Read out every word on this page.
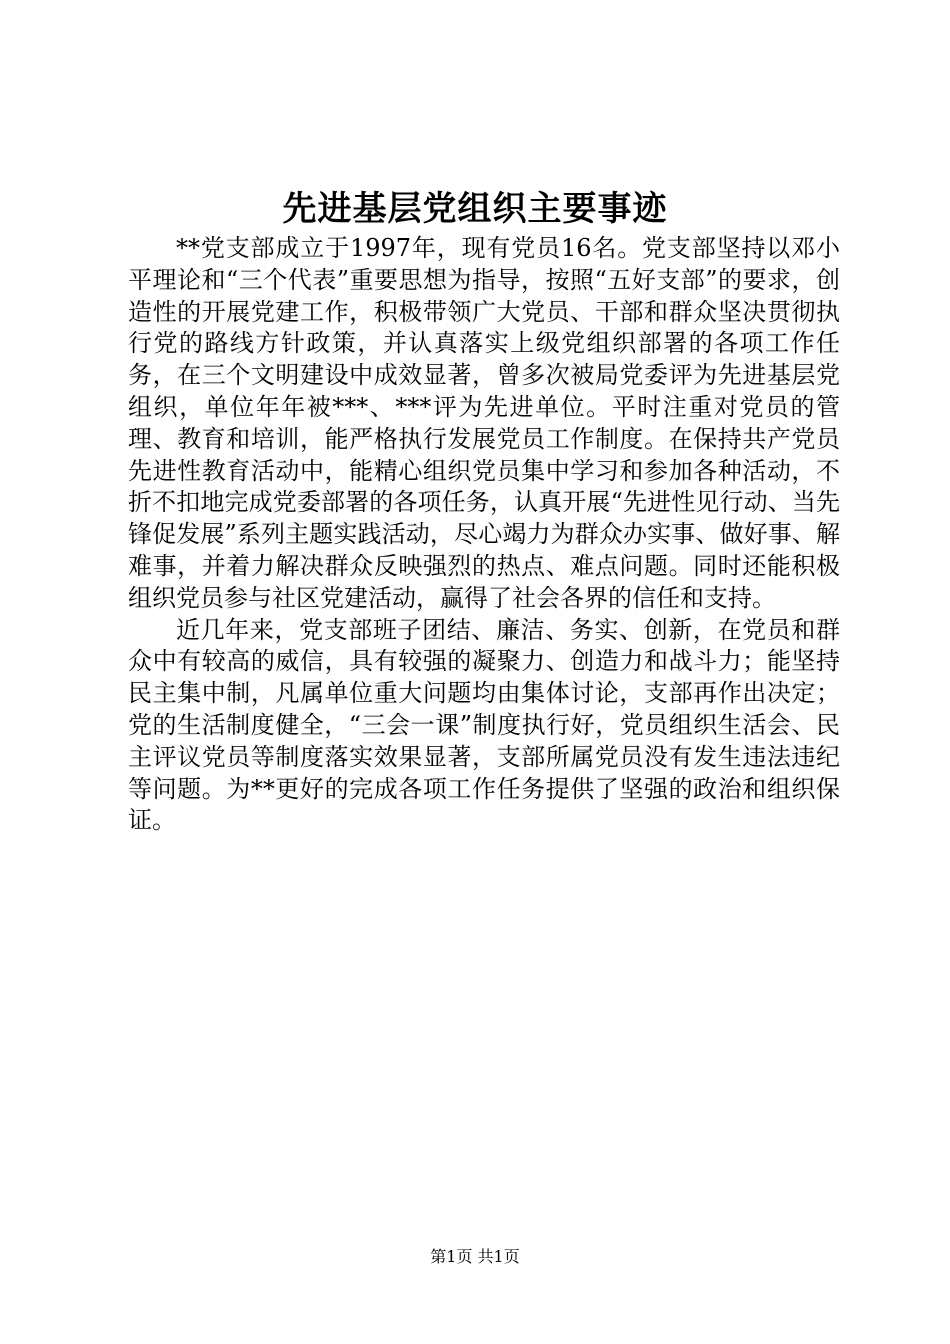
先进基层党组织主要事迹

**党支部成立于1997年，现有党员16名。党支部坚持以邓小平理论和“三个代表”重要思想为指导，按照“五好支部”的要求，创造性的开展党建工作，积极带领广大党员、干部和群众坚决贯彻执行党的路线方针政策，并认真落实上级党组织部署的各项工作任务，在三个文明建设中成效显著，曾多次被局党委评为先进基层党组织，单位年年被***、***评为先进单位。平时注重对党员的管理、教育和培训，能严格执行发展党员工作制度。在保持共产党员先进性教育活动中，能精心组织党员集中学习和参加各种活动，不折不扣地完成党委部署的各项任务，认真开展“先进性见行动、当先锋促发展”系列主题实践活动，尽心竭力为群众办实事、做好事、解难事，并着力解决群众反映强烈的热点、难点问题。同时还能积极组织党员参与社区党建活动，赢得了社会各界的信任和支持。

近几年来，党支部班子团结、廉洁、务实、创新，在党员和群众中有较高的威信，具有较强的凝聚力、创造力和战斗力；能坚持民主集中制，凡属单位重大问题均由集体讨论，支部再作出决定；党的生活制度健全，“三会一课”制度执行好，党员组织生活会、民主评议党员等制度落实效果显著，支部所属党员没有发生违法违纪等问题。为**更好的完成各项工作任务提供了坚强的政治和组织保证。

第1页 共1页
